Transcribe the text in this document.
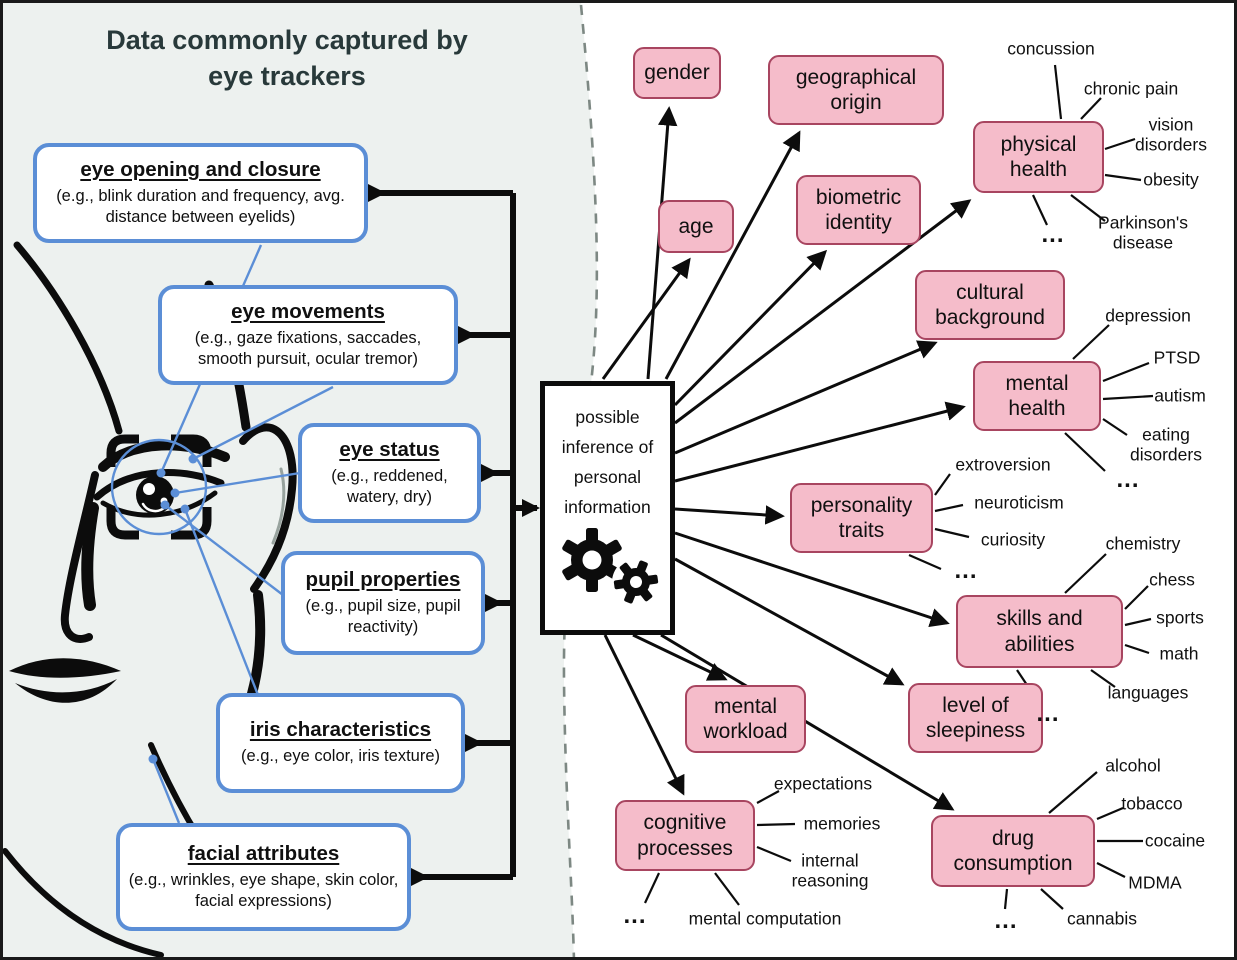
Data commonly captured by eye trackers
eye opening and closure
(e.g., blink duration and frequency, avg. distance between eyelids)
eye movements
(e.g., gaze fixations, saccades, smooth pursuit, ocular tremor)
eye status
(e.g., reddened, watery, dry)
pupil properties
(e.g., pupil size, pupil reactivity)
iris characteristics
(e.g., eye color, iris texture)
facial attributes
(e.g., wrinkles, eye shape, skin color, facial expressions)
possible inference of personal information
gender	geographical origin
age
biometric identity
physical health
cultural background
mental health
personality traits
skills and abilities
mental workload
level of sleepiness
cognitive processes	drug consumption
concussion
chronic pain
vision disorders
obesity
Parkinson's disease
...
depression
PTSD
autism
eating disorders
...
extroversion
neuroticism
curiosity
...
chemistry
chess
sports
math
languages
...
expectations
memories
internal reasoning
mental computation
...
alcohol
tobacco
cocaine
MDMA
cannabis
...
